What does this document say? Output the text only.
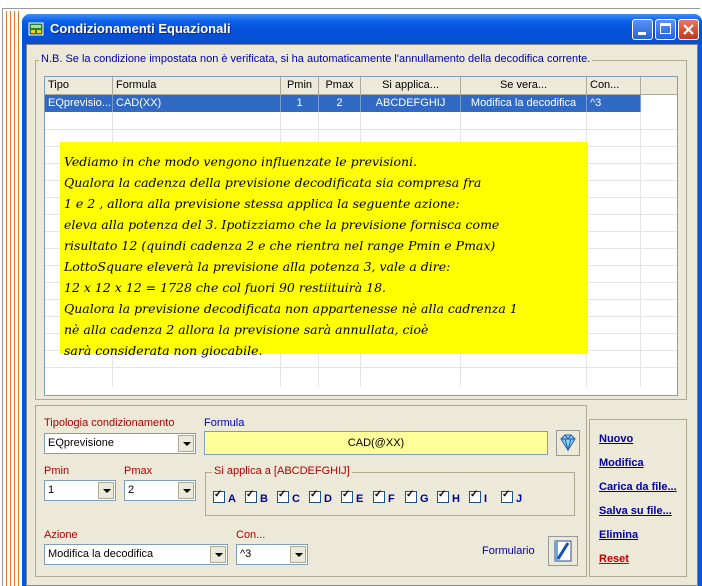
Condizionamenti Equazionali
N.B. Se la condizione impostata non è verificata, si ha automaticamente l'annullamento della decodifica corrente.
Tipo	Formula	Pmin	Pmax	Si applica...	Se vera...	Con...
EQprevisio... CAD(XX)	1	2	ABCDEFGHIJ	Modifica la decodifica	^3
Vediamo in che modo vengono influenzate le previsioni.
Qualora la cadenza della previsione decodificata sia compresa fra
1 e 2 , allora alla previsione stessa applica la seguente azione:
eleva alla potenza del 3. Ipotizziamo che la previsione fornisca come
risultato 12 (quindi cadenza 2 e che rientra nel range Pmin e Pmax)
LottoSquare eleverà la previsione alla potenza 3, vale a dire:
12 x 12 x 12 = 1728 che col fuori 90 restiituirà 18.
Qualora la previsione decodificata non appartenesse nè alla cadrenza 1
nè alla cadenza 2 allora la previsione sarà annullata, cioè
sarà considerata non giocabile.
Tipologia condizionamento	Formula
EQprevisione	CAD(@XX)
Pmin	Pmax
1	2
Si applica a [ABCDEFGHIJ]
✓A ✓	B ✓	C ✓	D ✓	E ✓	F ✓	G ✓	H ✓	I ✓	J
Azione	Con...
Modifica la decodifica	^3	Formulario
Nuovo
Modifica
Carica da file...
Salva su file...
Elimina
Reset
